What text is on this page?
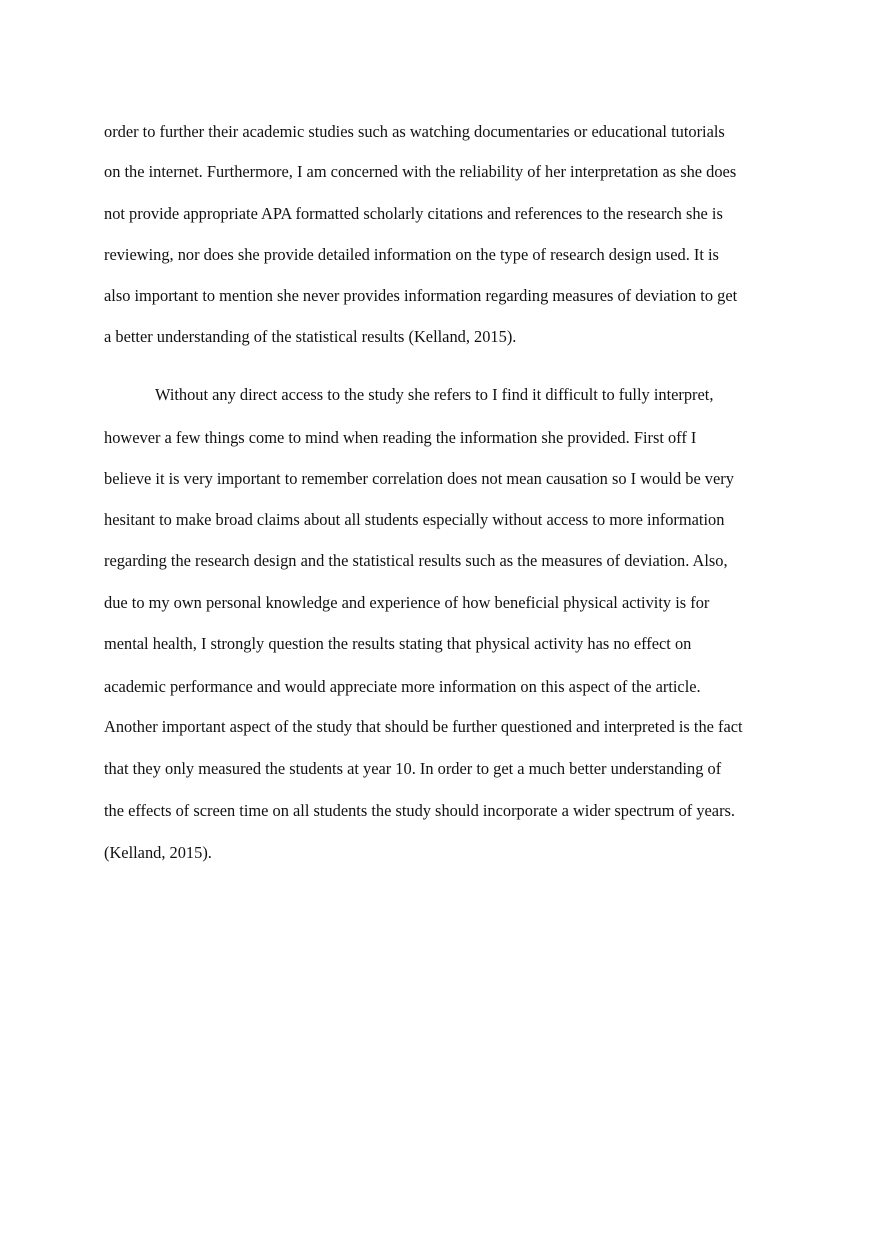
order to further their academic studies such as watching documentaries or educational tutorials
on the internet. Furthermore, I am concerned with the reliability of her interpretation as she does
not provide appropriate APA formatted scholarly citations and references to the research she is
reviewing, nor does she provide detailed information on the type of research design used. It is
also important to mention she never provides information regarding measures of deviation to get
a better understanding of the statistical results (Kelland, 2015).
Without any direct access to the study she refers to I find it difficult to fully interpret,
however a few things come to mind when reading the information she provided. First off I
believe it is very important to remember correlation does not mean causation so I would be very
hesitant to make broad claims about all students especially without access to more information
regarding the research design and the statistical results such as the measures of deviation. Also,
due to my own personal knowledge and experience of how beneficial physical activity is for
mental health, I strongly question the results stating that physical activity has no effect on
academic performance and would appreciate more information on this aspect of the article.
Another important aspect of the study that should be further questioned and interpreted is the fact
that they only measured the students at year 10. In order to get a much better understanding of
the effects of screen time on all students the study should incorporate a wider spectrum of years.
(Kelland, 2015).
